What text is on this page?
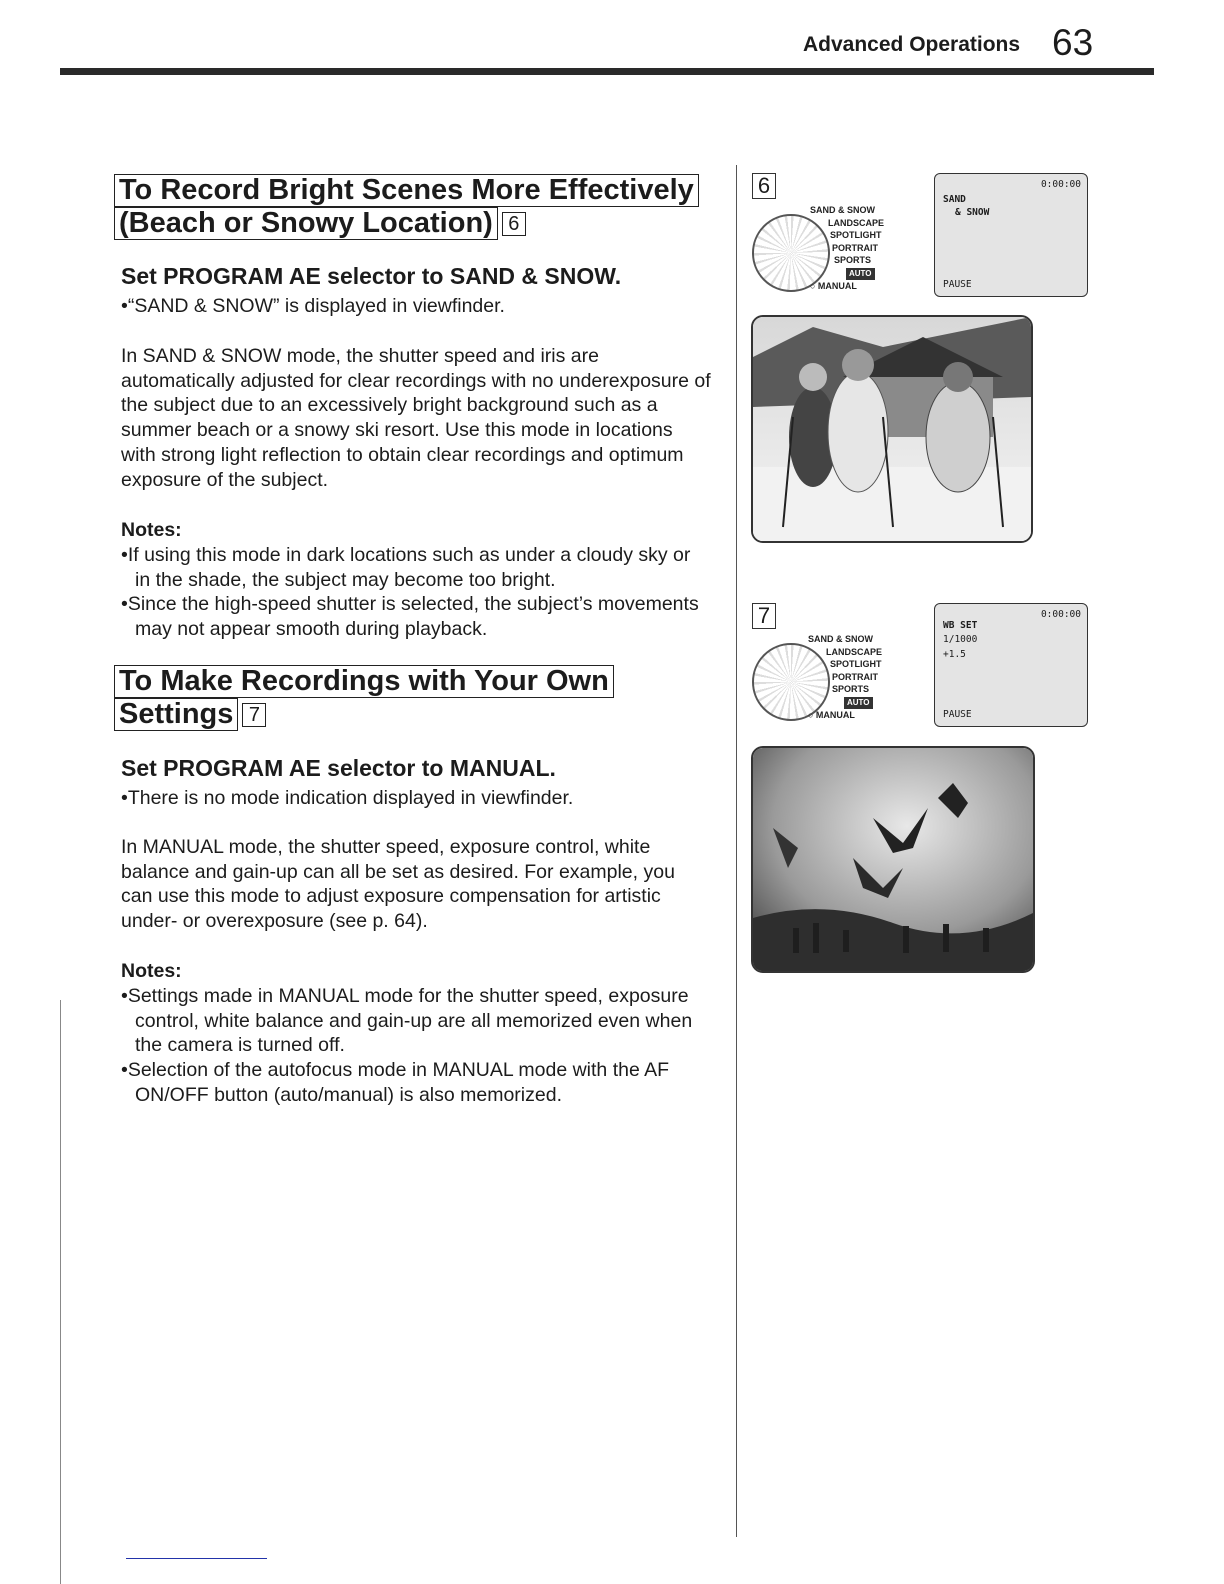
Advanced Operations 63
To Record Bright Scenes More Effectively
(Beach or Snowy Location) 6
Set PROGRAM AE selector to SAND & SNOW.
•“SAND & SNOW” is displayed in viewfinder.
In SAND & SNOW mode, the shutter speed and iris are automatically adjusted for clear recordings with no underexposure of the subject due to an excessively bright background such as a summer beach or a snowy ski resort. Use this mode in locations with strong light reflection to obtain clear recordings and optimum exposure of the subject.
Notes:
•If using this mode in dark locations such as under a cloudy sky or in the shade, the subject may become too bright.
•Since the high-speed shutter is selected, the subject’s movements may not appear smooth during playback.
To Make Recordings with Your Own
Settings 7
Set PROGRAM AE selector to MANUAL.
•There is no mode indication displayed in viewfinder.
In MANUAL mode, the shutter speed, exposure control, white balance and gain-up can all be set as desired. For example, you can use this mode to adjust exposure compensation for artistic under- or overexposure (see p. 64).
Notes:
•Settings made in MANUAL mode for the shutter speed, exposure control, white balance and gain-up are all memorized even when the camera is turned off.
•Selection of the autofocus mode in MANUAL mode with the AF ON/OFF button (auto/manual) is also memorized.
6
SAND & SNOW
LANDSCAPE
SPOTLIGHT
PORTRAIT
SPORTS
AUTO
○ MANUAL
0:00:00
SAND
& SNOW
PAUSE
7
SAND & SNOW
LANDSCAPE
SPOTLIGHT
PORTRAIT
SPORTS
AUTO
○ MANUAL
0:00:00
WB SET
1/1000
+1.5
PAUSE
